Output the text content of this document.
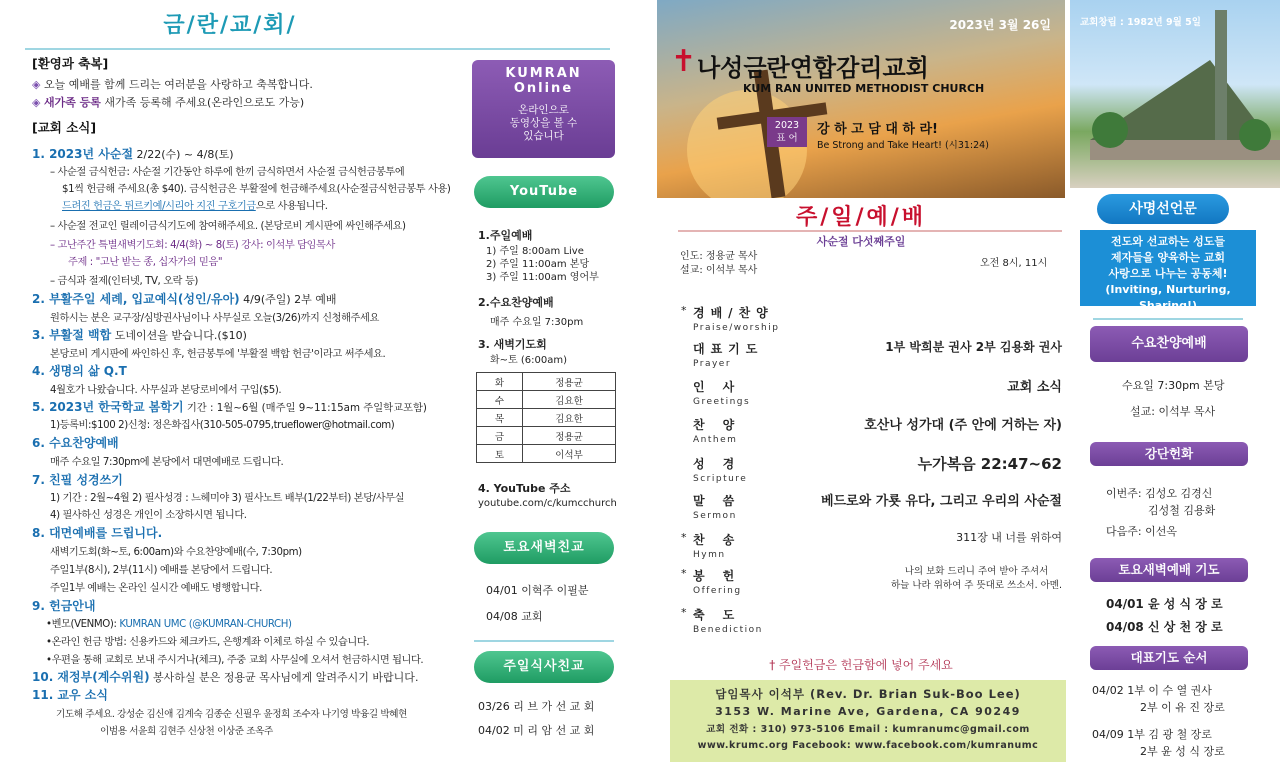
금/란/교/회/
[환영과 축복]
◈ 오늘 예배를 함께 드리는 여러분을 사랑하고 축복합니다.
◈ 새가족 등록 새가족 등록해 주세요(온라인으로도 가능)
[교회 소식]
1. 2023년 사순절 2/22(수) ~ 4/8(토)
– 사순절 금식헌금: 사순절 기간동안 하루에 한끼 금식하면서 사순절 금식헌금봉투에
$1씩 헌금해 주세요(총 $40). 금식헌금은 부활절에 헌금해주세요(사순절금식헌금봉투 사용)
드려진 헌금은 튀르키예/시리아 지진 구호기금으로 사용됩니다.
– 사순절 전교인 릴레이금식기도에 참여해주세요. (본당로비 게시판에 싸인해주세요)
– 고난주간 특별새벽기도회: 4/4(화) ~ 8(토) 강사: 이석부 담임목사
주제 : "고난 받는 종, 십자가의 믿음"
– 금식과 절제(인터넷, TV, 오락 등)
2. 부활주일 세례, 입교예식(성인/유아) 4/9(주일) 2부 예배
원하시는 분은 교구장/심방권사님이나 사무실로 오늘(3/26)까지 신청해주세요
3. 부활절 백합 도네이션을 받습니다.($10)
본당로비 게시판에 싸인하신 후, 헌금봉투에 '부활절 백합 헌금'이라고 써주세요.
4. 생명의 삶 Q.T
4월호가 나왔습니다. 사무실과 본당로비에서 구입($5).
5. 2023년 한국학교 봄학기 기간 : 1월~6월 (매주일 9~11:15am 주일학교포함)
1)등록비:$100 2)신청: 정은화집사(310-505-0795,trueflower@hotmail.com)
6. 수요찬양예배
매주 수요일 7:30pm에 본당에서 대면예배로 드립니다.
7. 친필 성경쓰기
1) 기간 : 2월~4월 2) 필사성경 : 느헤미야 3) 필사노트 배부(1/22부터) 본당/사무실
4) 필사하신 성경은 개인이 소장하시면 됩니다.
8. 대면예배를 드립니다.
새벽기도회(화~토, 6:00am)와 수요찬양예배(수, 7:30pm)
주일1부(8시), 2부(11시) 예배를 본당에서 드립니다.
주일1부 예배는 온라인 실시간 예배도 병행합니다.
9. 헌금안내
•벤모(VENMO): KUMRAN UMC (@KUMRAN-CHURCH)
•온라인 헌금 방법: 신용카드와 체크카드, 은행계좌 이체로 하실 수 있습니다.
•우편을 통해 교회로 보내 주시거나(체크), 주중 교회 사무실에 오셔서 헌금하시면 됩니다.
10. 재정부(계수위원) 봉사하실 분은 정용균 목사님에게 알려주시기 바랍니다.
11. 교우 소식
기도해 주세요. 강성순 김신애 김계숙 김종순 신필우 윤정희 조수자 나기영 박융길 박혜현
이범용 서윤희 김현주 신상천 이상준 조옥주
KUMRAN
Online
온라인으로
동영상을 볼 수
있습니다
YouTube
1.주일예배
1) 주일 8:00am Live
2) 주일 11:00am 본당
3) 주일 11:00am 영어부
2.수요찬양예배
매주 수요일 7:30pm
3. 새벽기도회
화~토 (6:00am)
화	정용균
수	김요한
목	김요한
금	정용균
토	이석부
4. YouTube 주소
youtube.com/c/kumcchurch
토요새벽친교
04/01 이혁주 이필분
04/08 교회
주일식사친교
03/26 리 브 가 선 교 회
04/02 미 리 암 선 교 회
2023년 3월 26일
✝ 나성금란연합감리교회
KUM RAN UNITED METHODIST CHURCH
2023
표 어
강 하 고 담 대 하 라!
Be Strong and Take Heart! (시31:24)
주/일/예/배
사순절 다섯째주일
인도: 정용균 목사
설교: 이석부 목사
오전 8시, 11시
* 경배/찬양
Praise/worship
대표기도
Prayer
1부 박희분 권사 2부 김용화 권사
인사
Greetings
교회 소식
찬양
Anthem
호산나 성가대 (주 안에 거하는 자)
성경
Scripture
누가복음 22:47~62
말씀
Sermon
베드로와 가룟 유다, 그리고 우리의 사순절
* 찬송
Hymn
311장 내 너를 위하여
* 봉헌
Offering
나의 보화 드리니 주여 받아 주셔서
하늘 나라 위하여 주 뜻대로 쓰소서. 아멘.
* 축도
Benediction
† 주일헌금은 헌금함에 넣어 주세요
담임목사 이석부 (Rev. Dr. Brian Suk-Boo Lee)
3153 W. Marine Ave, Gardena, CA 90249
교회 전화 : 310) 973-5106 Email : kumranumc@gmail.com
www.krumc.org Facebook: www.facebook.com/kumranumc
교회창립 : 1982년 9월 5일
사명선언문
전도와 선교하는 성도들
제자들을 양육하는 교회
사랑으로 나누는 공동체!
(Inviting, Nurturing, Sharing!)
수요찬양예배
수요일 7:30pm 본당
설교: 이석부 목사
강단헌화
이번주: 김성오 김경신
김성철 김용화
다음주: 이선옥
토요새벽예배 기도
04/01 윤 성 식 장 로
04/08 신 상 천 장 로
대표기도 순서
04/02 1부 이 수 열 권사
2부 이 유 진 장로
04/09 1부 김 광 철 장로
2부 윤 성 식 장로
